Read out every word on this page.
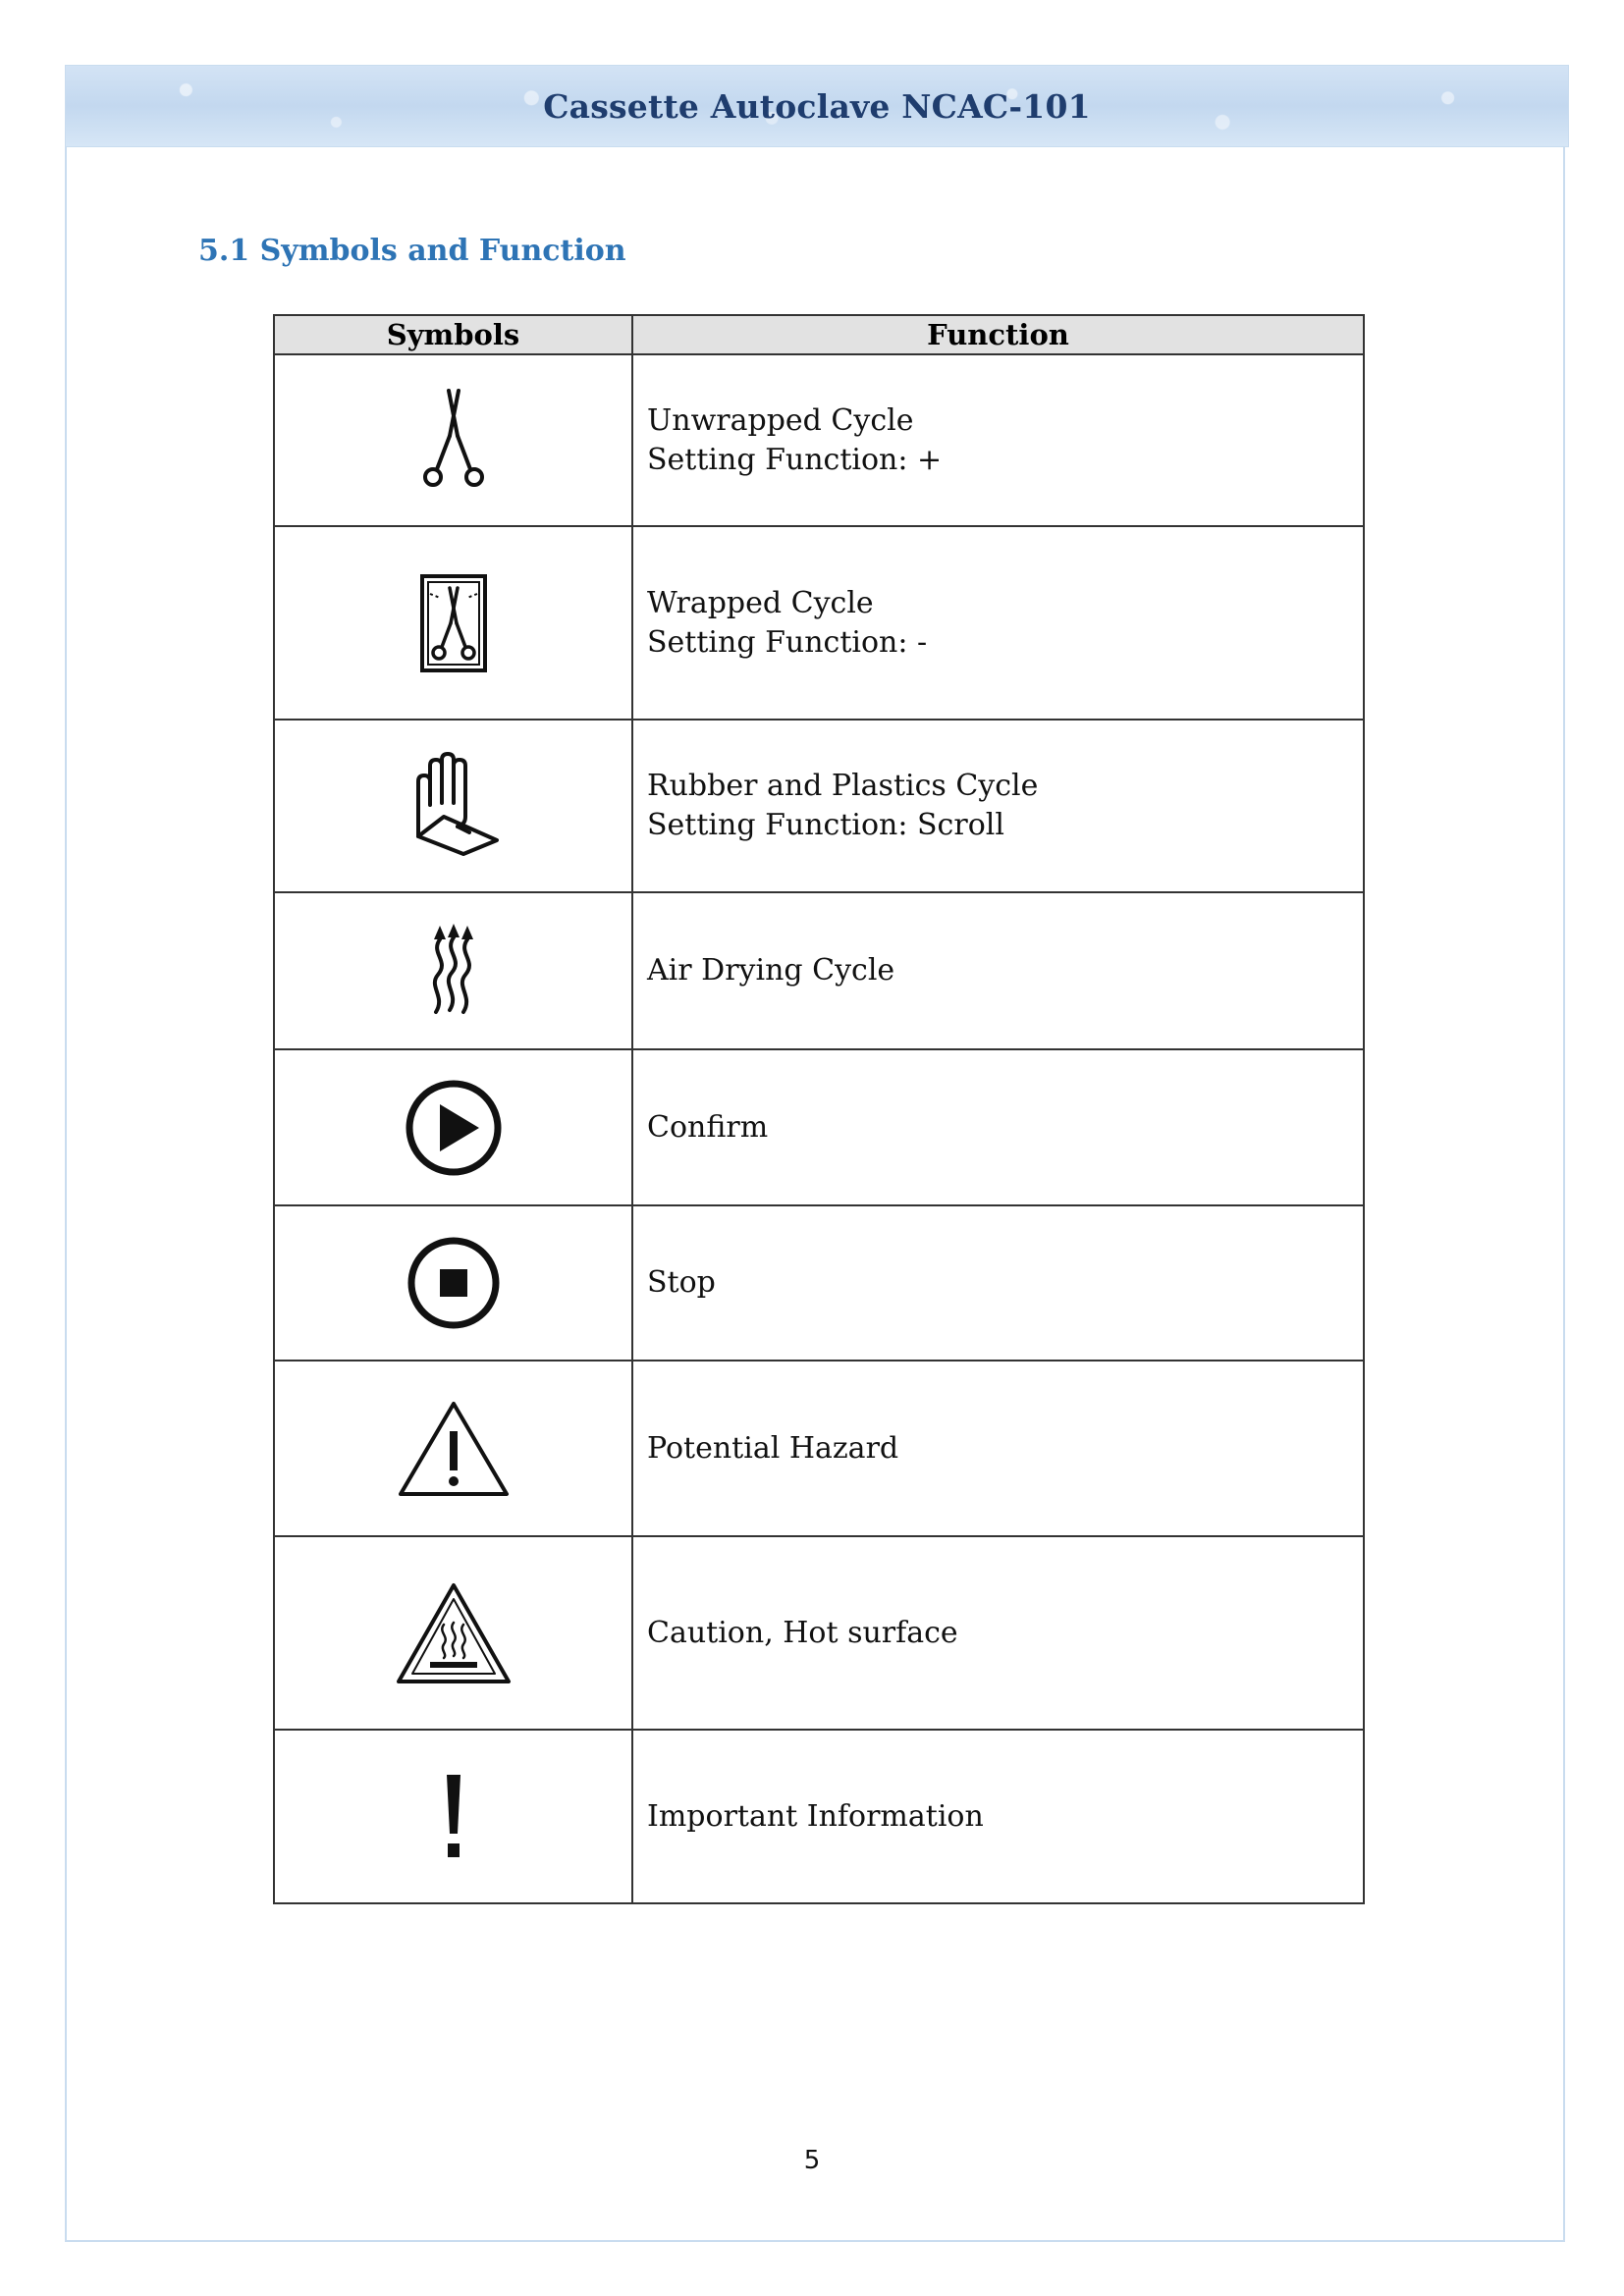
Cassette Autoclave NCAC-101
5.1 Symbols and Function
Symbols	Function

Unwrapped Cycle
Setting Function: +

Wrapped Cycle
Setting Function: -

Rubber and Plastics Cycle
Setting Function: Scroll

Air Drying Cycle

Confirm

Stop

Potential Hazard

Caution, Hot surface

Important Information
5
